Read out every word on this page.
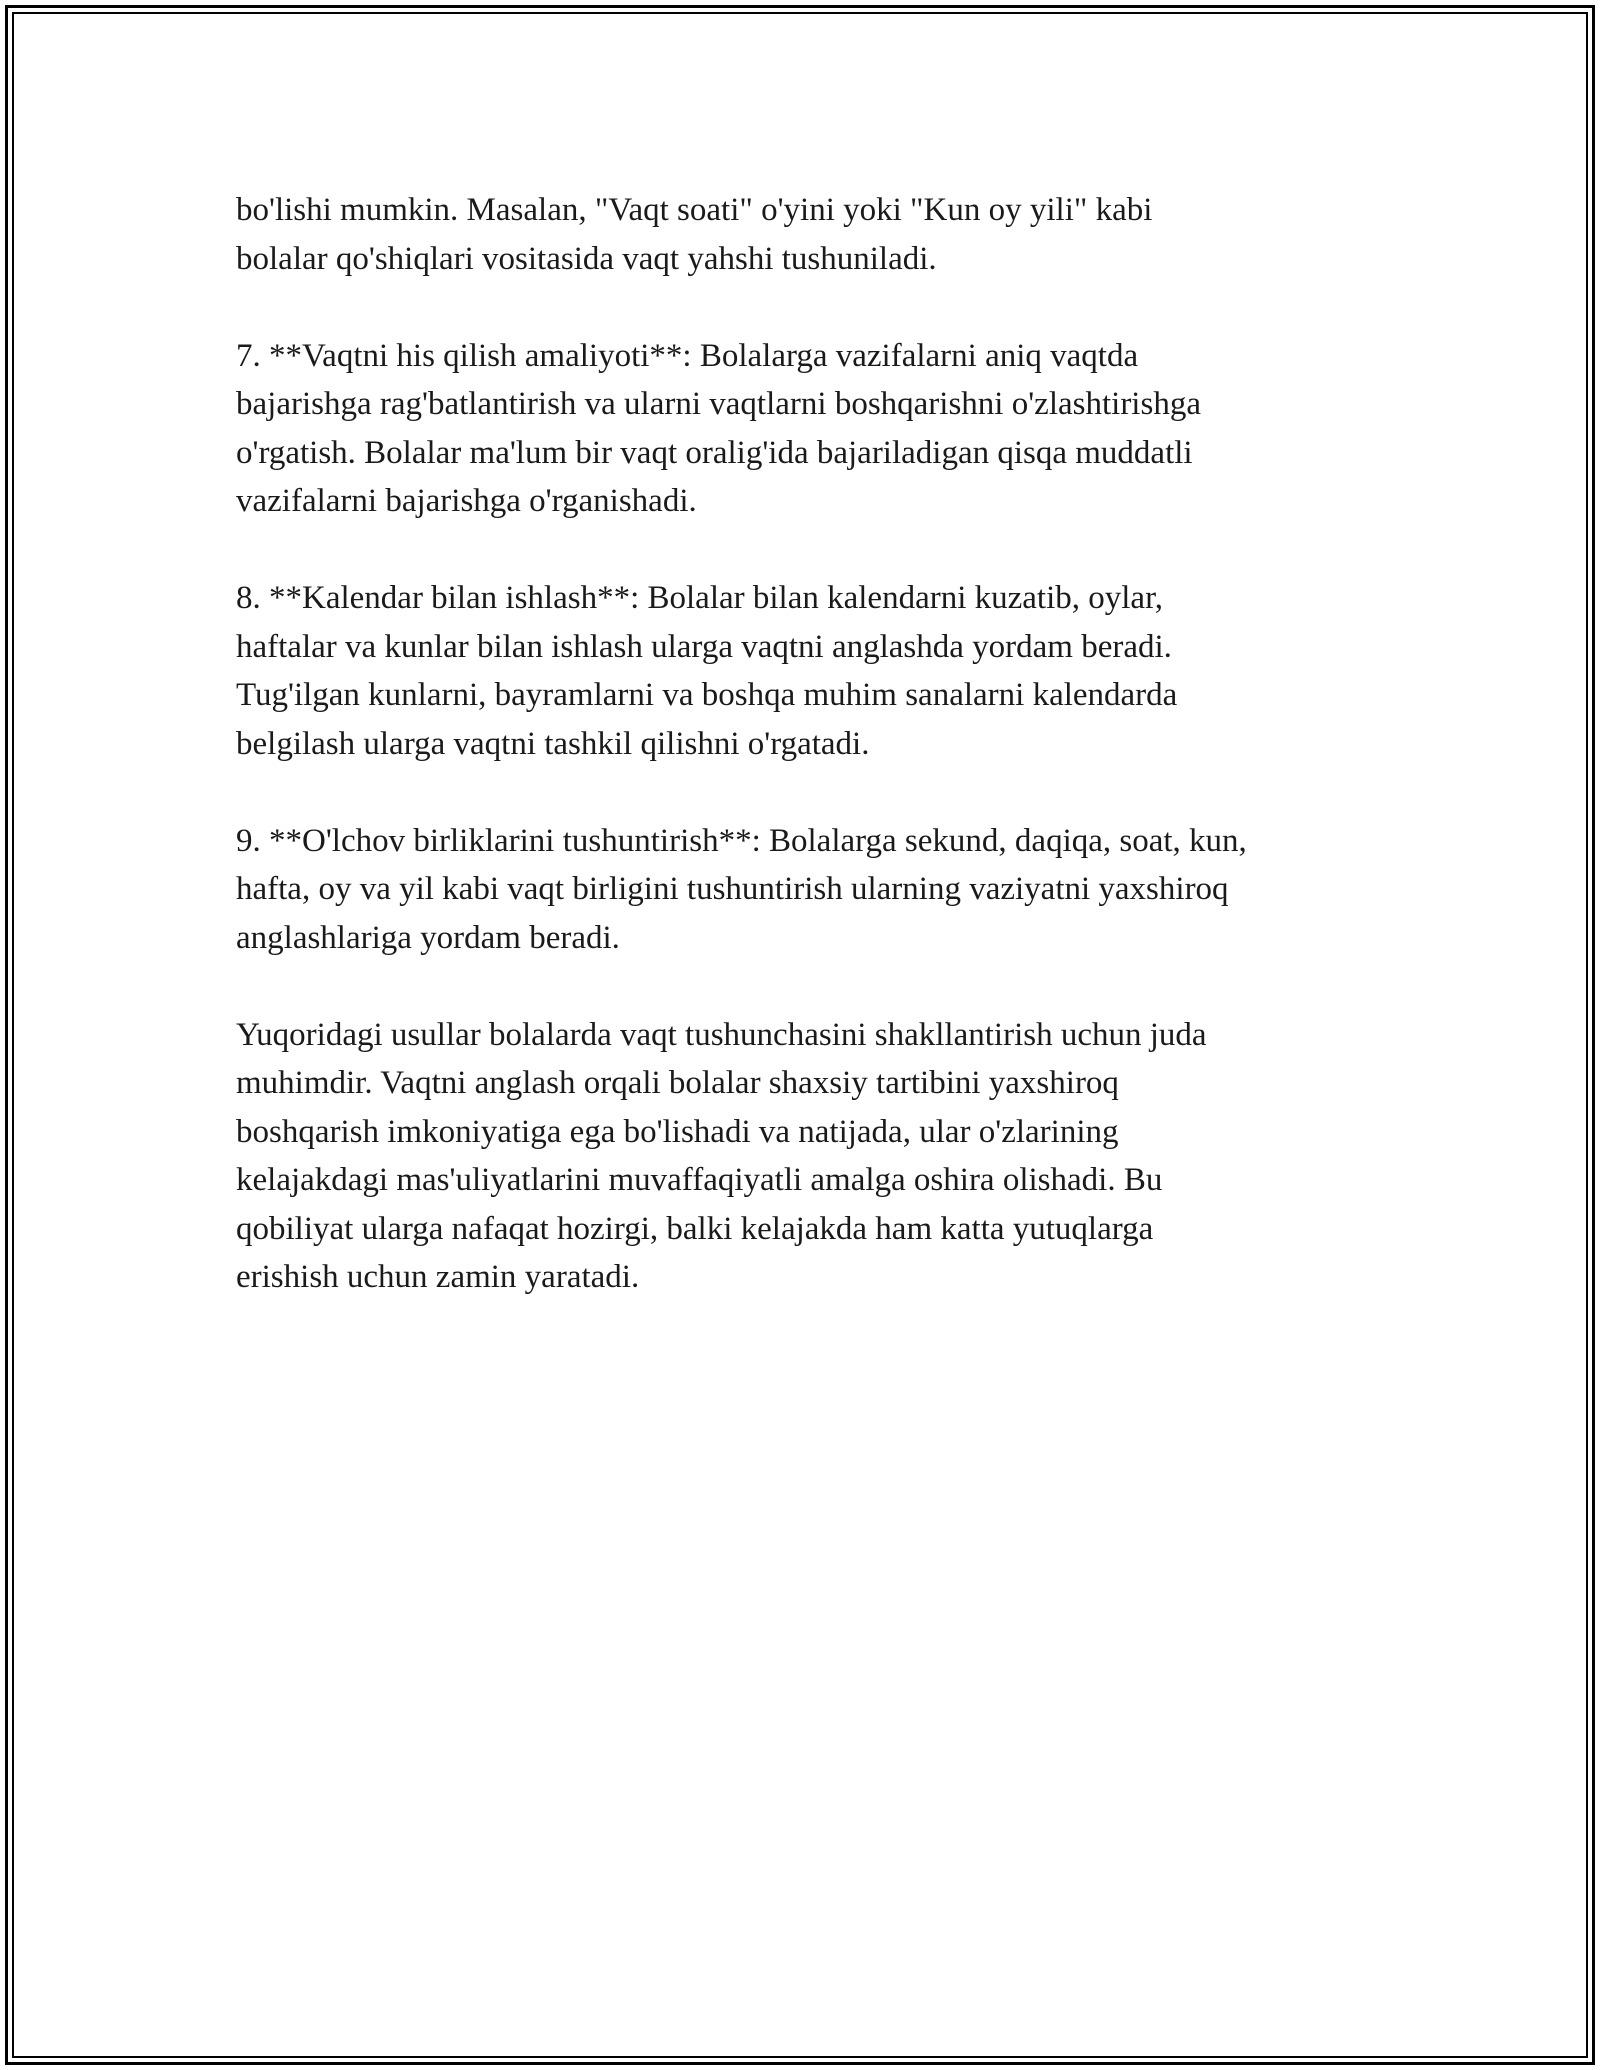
bo'lishi mumkin. Masalan, "Vaqt soati" o'yini yoki "Kun oy yili" kabi
bolalar qo'shiqlari vositasida vaqt yahshi tushuniladi.

7. **Vaqtni his qilish amaliyoti**: Bolalarga vazifalarni aniq vaqtda
bajarishga rag'batlantirish va ularni vaqtlarni boshqarishni o'zlashtirishga
o'rgatish. Bolalar ma'lum bir vaqt oralig'ida bajariladigan qisqa muddatli
vazifalarni bajarishga o'rganishadi.

8. **Kalendar bilan ishlash**: Bolalar bilan kalendarni kuzatib, oylar,
haftalar va kunlar bilan ishlash ularga vaqtni anglashda yordam beradi.
Tug'ilgan kunlarni, bayramlarni va boshqa muhim sanalarni kalendarda
belgilash ularga vaqtni tashkil qilishni o'rgatadi.

9. **O'lchov birliklarini tushuntirish**: Bolalarga sekund, daqiqa, soat, kun,
hafta, oy va yil kabi vaqt birligini tushuntirish ularning vaziyatni yaxshiroq
anglashlariga yordam beradi.

Yuqoridagi usullar bolalarda vaqt tushunchasini shakllantirish uchun juda
muhimdir. Vaqtni anglash orqali bolalar shaxsiy tartibini yaxshiroq
boshqarish imkoniyatiga ega bo'lishadi va natijada, ular o'zlarining
kelajakdagi mas'uliyatlarini muvaffaqiyatli amalga oshira olishadi. Bu
qobiliyat ularga nafaqat hozirgi, balki kelajakda ham katta yutuqlarga
erishish uchun zamin yaratadi.
